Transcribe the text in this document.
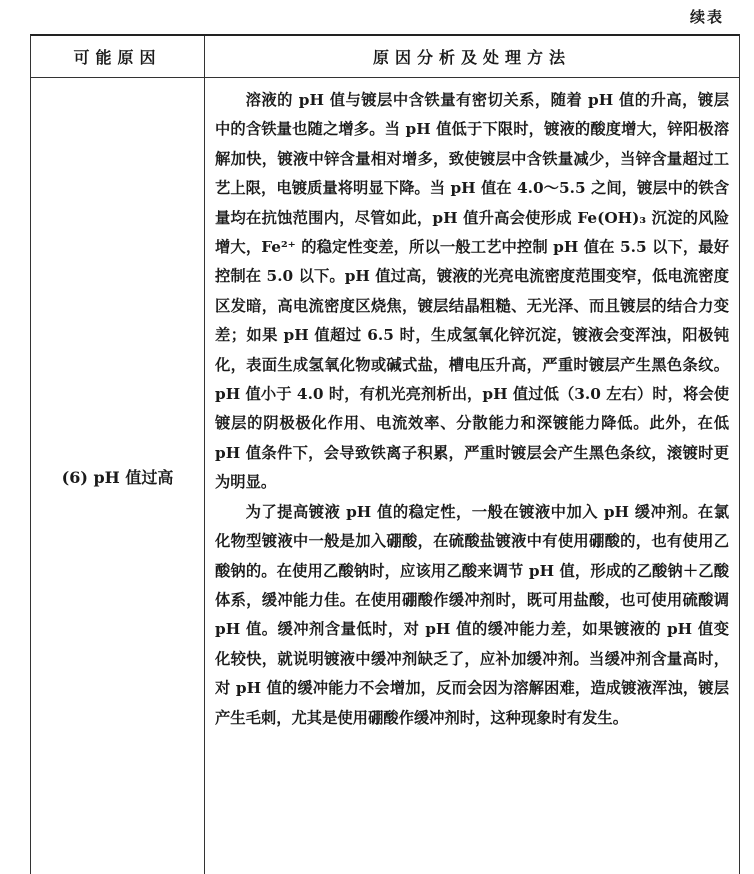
续表
可能原因	原因分析及处理方法
(6) pH 值过高

溶液的 pH 值与镀层中含铁量有密切关系，随着 pH 值的升高，镀层中的含铁量也随之增多。当 pH 值低于下限时，镀液的酸度增大，锌阳极溶解加快，镀液中锌含量相对增多，致使镀层中含铁量减少，当锌含量超过工艺上限，电镀质量将明显下降。当 pH 值在 4.0～5.5 之间，镀层中的铁含量均在抗蚀范围内，尽管如此，pH 值升高会使形成 Fe(OH)₃ 沉淀的风险增大，Fe²⁺ 的稳定性变差，所以一般工艺中控制 pH 值在 5.5 以下，最好控制在 5.0 以下。pH 值过高，镀液的光亮电流密度范围变窄，低电流密度区发暗，高电流密度区烧焦，镀层结晶粗糙、无光泽、而且镀层的结合力变差；如果 pH 值超过 6.5 时，生成氢氧化锌沉淀，镀液会变浑浊，阳极钝化，表面生成氢氧化物或碱式盐，槽电压升高，严重时镀层产生黑色条纹。pH 值小于 4.0 时，有机光亮剂析出，pH 值过低（3.0 左右）时，将会使镀层的阴极极化作用、电流效率、分散能力和深镀能力降低。此外，在低 pH 值条件下，会导致铁离子积累，严重时镀层会产生黑色条纹，滚镀时更为明显。

为了提高镀液 pH 值的稳定性，一般在镀液中加入 pH 缓冲剂。在氯化物型镀液中一般是加入硼酸，在硫酸盐镀液中有使用硼酸的，也有使用乙酸钠的。在使用乙酸钠时，应该用乙酸来调节 pH 值，形成的乙酸钠＋乙酸体系，缓冲能力佳。在使用硼酸作缓冲剂时，既可用盐酸，也可使用硫酸调 pH 值。缓冲剂含量低时，对 pH 值的缓冲能力差，如果镀液的 pH 值变化较快，就说明镀液中缓冲剂缺乏了，应补加缓冲剂。当缓冲剂含量高时，对 pH 值的缓冲能力不会增加，反而会因为溶解困难，造成镀液浑浊，镀层产生毛刺，尤其是使用硼酸作缓冲剂时，这种现象时有发生。
